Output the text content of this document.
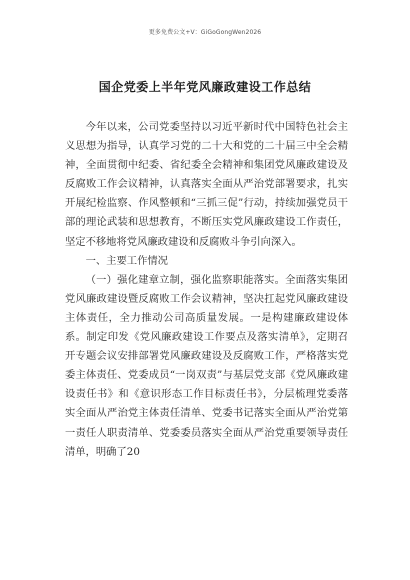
更多免费公文+V：GiGoGongWen2026
国企党委上半年党风廉政建设工作总结

今年以来，公司党委坚持以习近平新时代中国特色社会主义思想为指导，认真学习党的二十大和党的二十届三中全会精神，全面贯彻中纪委、省纪委全会精神和集团党风廉政建设及反腐败工作会议精神，认真落实全面从严治党部署要求，扎实开展纪检监察、作风整顿和“三抓三促”行动，持续加强党员干部的理论武装和思想教育，不断压实党风廉政建设工作责任，坚定不移地将党风廉政建设和反腐败斗争引向深入。

一、主要工作情况

（一）强化建章立制，强化监察职能落实。全面落实集团党风廉政建设暨反腐败工作会议精神，坚决扛起党风廉政建设主体责任，全力推动公司高质量发展。一是构建廉政建设体系。制定印发《党风廉政建设工作要点及落实清单》，定期召开专题会议安排部署党风廉政建设及反腐败工作，严格落实党委主体责任、党委成员“一岗双责”与基层党支部《党风廉政建设责任书》和《意识形态工作目标责任书》，分层梳理党委落实全面从严治党主体责任清单、党委书记落实全面从严治党第一责任人职责清单、党委委员落实全面从严治党重要领导责任清单，明确了20
